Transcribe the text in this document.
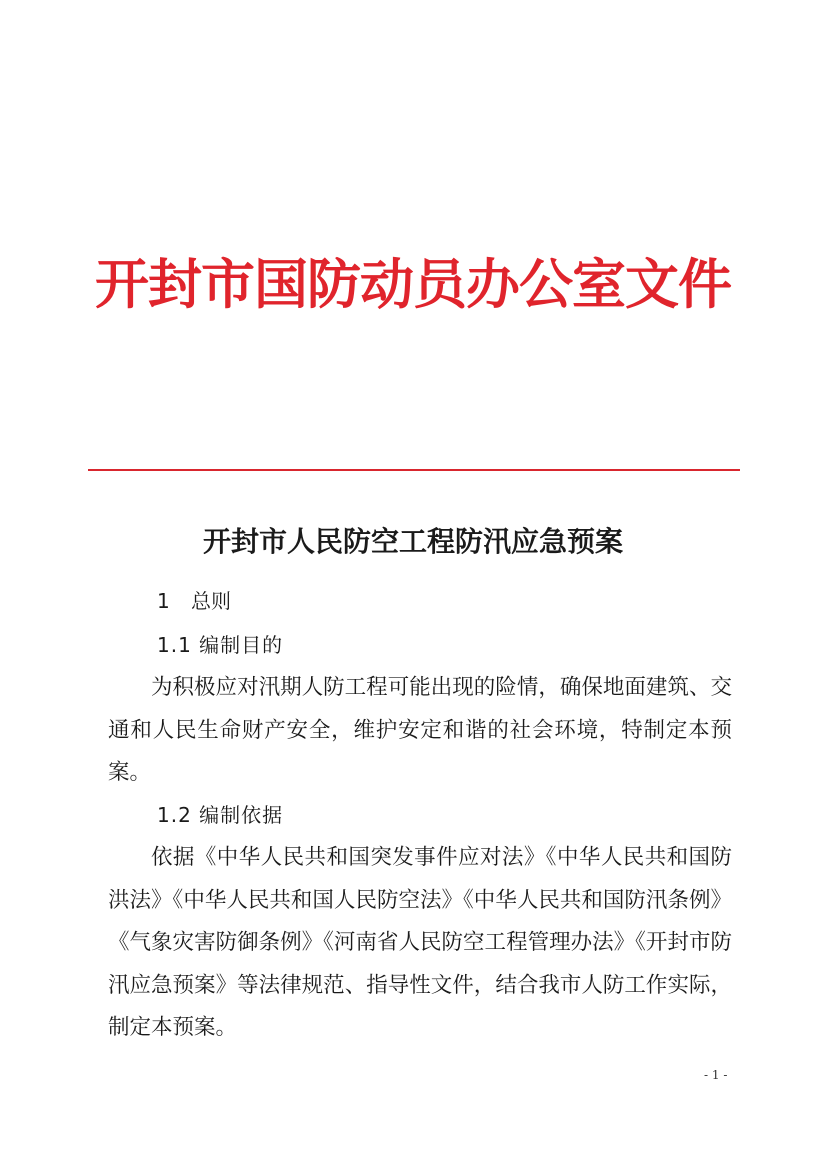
开封市国防动员办公室文件
开封市人民防空工程防汛应急预案
1 总则
1.1 编制目的

为积极应对汛期人防工程可能出现的险情，确保地面建筑、交通和人民生命财产安全，维护安定和谐的社会环境，特制定本预案。

1.2 编制依据

依据《中华人民共和国突发事件应对法》《中华人民共和国防洪法》《中华人民共和国人民防空法》《中华人民共和国防汛条例》《气象灾害防御条例》《河南省人民防空工程管理办法》《开封市防汛应急预案》等法律规范、指导性文件，结合我市人防工作实际，制定本预案。

- 1 -
